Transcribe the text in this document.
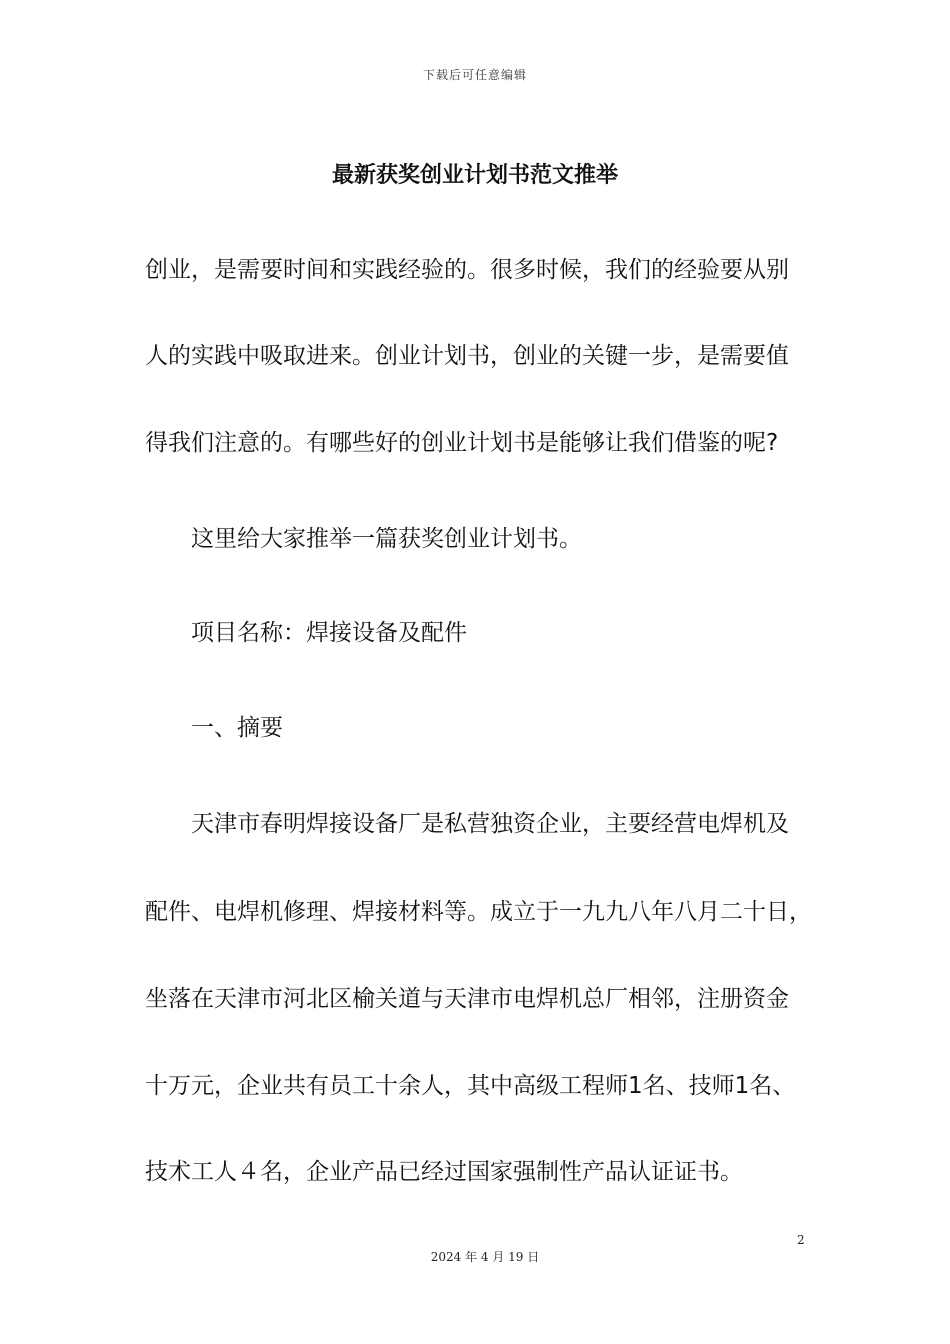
下载后可任意编辑
最新获奖创业计划书范文推举
创业，是需要时间和实践经验的。很多时候，我们的经验要从别
人的实践中吸取进来。创业计划书，创业的关键一步，是需要值
得我们注意的。有哪些好的创业计划书是能够让我们借鉴的呢?
这里给大家推举一篇获奖创业计划书。
项目名称：焊接设备及配件
一、摘要
天津市春明焊接设备厂是私营独资企业，主要经营电焊机及
配件、电焊机修理、焊接材料等。成立于一九九八年八月二十日，
坐落在天津市河北区榆关道与天津市电焊机总厂相邻，注册资金
十万元，企业共有员工十余人，其中高级工程师1名、技师1名、
技术工人４名，企业产品已经过国家强制性产品认证证书。
2
2024 年 4 月 19 日
